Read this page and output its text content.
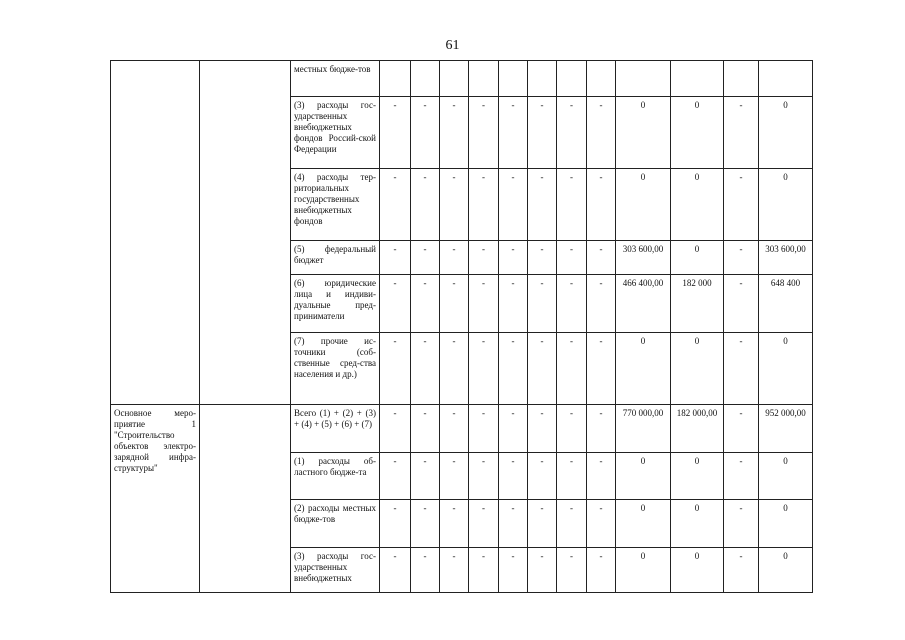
61
		местных бюдже-тов												
		(3) расходы гос-ударственных внебюджетных фондов Россий-ской Федерации	-	-	-	-	-	-	-	-	0	0	-	0
		(4) расходы тер-риториальных государственных внебюджетных фондов	-	-	-	-	-	-	-	-	0	0	-	0
		(5) федеральный бюджет	-	-	-	-	-	-	-	-	303 600,00	0	-	303 600,00
		(6) юридические лица и индиви-дуальные пред-приниматели	-	-	-	-	-	-	-	-	466 400,00	182 000	-	648 400
		(7) прочие ис-точники (соб-ственные сред-ства населения и др.)	-	-	-	-	-	-	-	-	0	0	-	0
Основное меро-приятие 1 "Строительство объектов электро-зарядной инфра-структуры"		Всего (1) + (2) + (3) + (4) + (5) + (6) + (7)	-	-	-	-	-	-	-	-	770 000,00	182 000,00	-	952 000,00
		(1) расходы об-ластного бюдже-та	-	-	-	-	-	-	-	-	0	0	-	0
		(2) расходы местных бюдже-тов	-	-	-	-	-	-	-	-	0	0	-	0
		(3) расходы гос-ударственных внебюджетных	-	-	-	-	-	-	-	-	0	0	-	0
